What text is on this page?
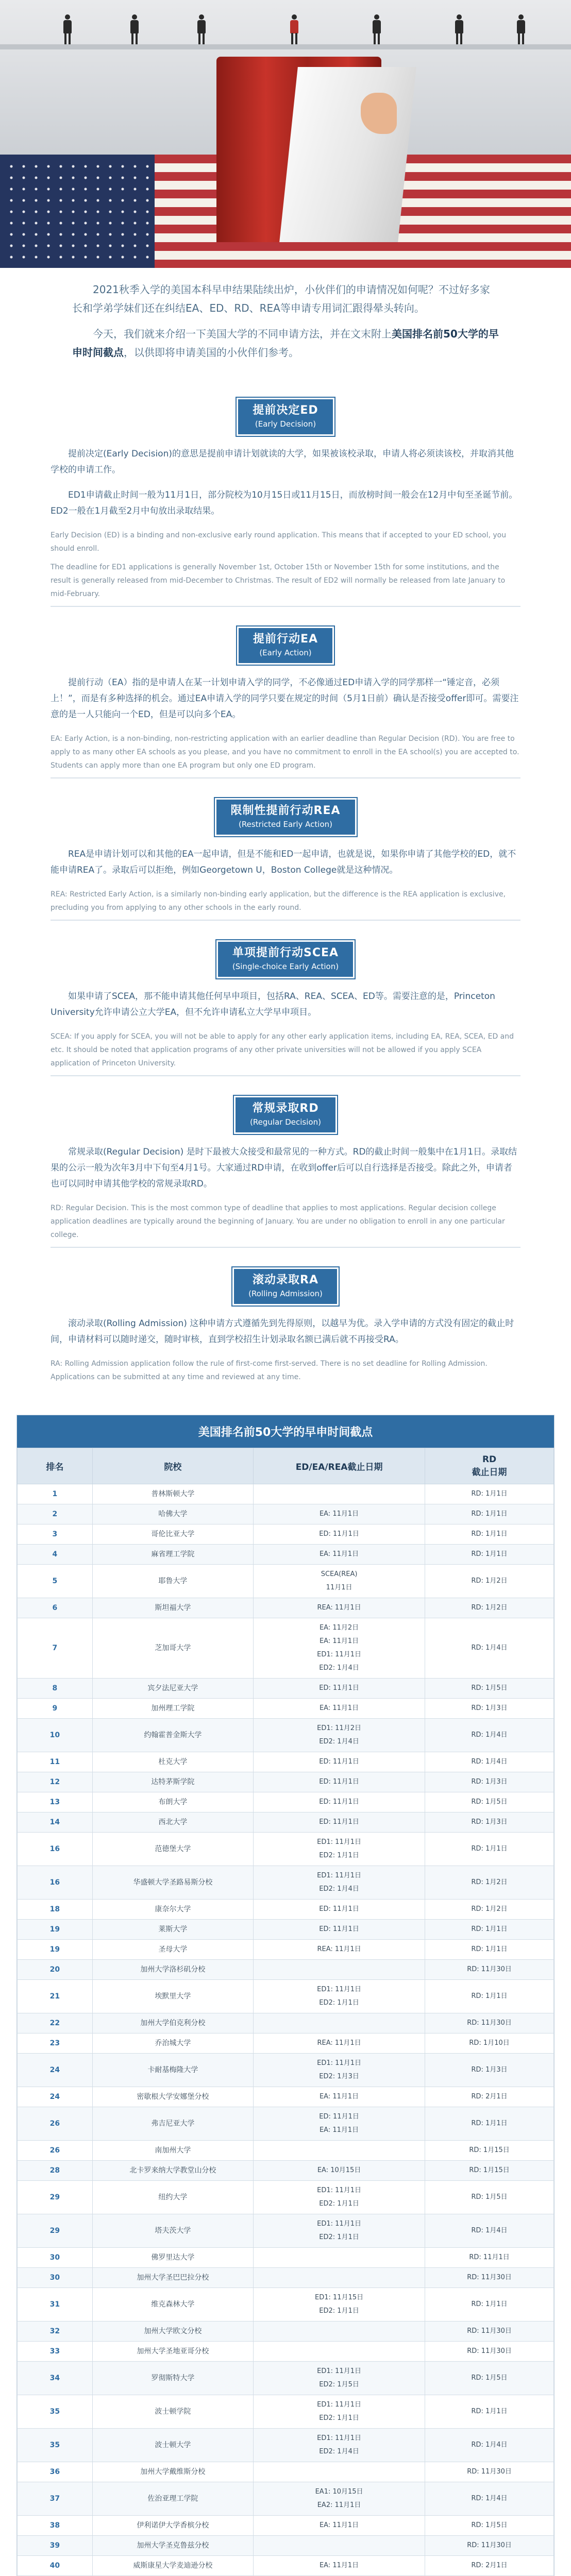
2021秋季入学的美国本科早申结果陆续出炉，小伙伴们的申请情况如何呢？不过好多家长和学弟学妹们还在纠结EA、ED、RD、REA等申请专用词汇跟得晕头转向。

今天，我们就来介绍一下美国大学的不同申请方法，并在文末附上美国排名前50大学的早申时间截点，以供即将申请美国的小伙伴们参考。

提前决定ED
(Early Decision)

提前决定(Early Decision)的意思是提前申请计划就读的大学，如果被该校录取，申请人将必须读该校，并取消其他学校的申请工作。

ED1申请截止时间一般为11月1日，部分院校为10月15日或11月15日，而放榜时间一般会在12月中旬至圣诞节前。ED2一般在1月截至2月中旬放出录取结果。

Early Decision (ED) is a binding and non-exclusive early round application. This means that if accepted to your ED school, you should enroll.

The deadline for ED1 applications is generally November 1st, October 15th or November 15th for some institutions, and the result is generally released from mid-December to Christmas. The result of ED2 will normally be released from late January to mid-February.

提前行动EA
(Early Action)

提前行动（EA）指的是申请人在某一计划申请入学的同学，不必像通过ED申请入学的同学那样一“锤定音，必须上！”，而是有多种选择的机会。通过EA申请入学的同学只要在规定的时间（5月1日前）确认是否接受offer即可。需要注意的是一人只能向一个ED，但是可以向多个EA。

EA: Early Action, is a non-binding, non-restricting application with an earlier deadline than Regular Decision (RD). You are free to apply to as many other EA schools as you please, and you have no commitment to enroll in the EA school(s) you are accepted to. Students can apply more than one EA program but only one ED program.

限制性提前行动REA
(Restricted Early Action)

REA是申请计划可以和其他的EA一起申请，但是不能和ED一起申请，也就是说，如果你申请了其他学校的ED，就不能申请REA了。录取后可以拒绝，例如Georgetown U，Boston College就是这种情况。

REA: Restricted Early Action, is a similarly non-binding early application, but the difference is the REA application is exclusive, precluding you from applying to any other schools in the early round.

单项提前行动SCEA
(Single-choice Early Action)

如果申请了SCEA，那不能申请其他任何早申项目，包括RA、REA、SCEA、ED等。需要注意的是，Princeton University允许申请公立大学EA，但不允许申请私立大学早申项目。

SCEA: If you apply for SCEA, you will not be able to apply for any other early application items, including EA, REA, SCEA, ED and etc. It should be noted that application programs of any other private universities will not be allowed if you apply SCEA application of Princeton University.

常规录取RD
(Regular Decision)

常规录取(Regular Decision) 是时下最被大众接受和最常见的一种方式。RD的截止时间一般集中在1月1日。录取结果的公示一般为次年3月中下旬至4月1号。大家通过RD申请，在收到offer后可以自行选择是否接受。除此之外，申请者也可以同时申请其他学校的常规录取RD。

RD: Regular Decision. This is the most common type of deadline that applies to most applications. Regular decision college application deadlines are typically around the beginning of January. You are under no obligation to enroll in any one particular college.

滚动录取RA
(Rolling Admission)

滚动录取(Rolling Admission) 这种申请方式遵循先到先得原则，以越早为优。录入学申请的方式没有固定的截止时间，申请材料可以随时递交，随时审核，直到学校招生计划录取名额已满后就不再接受RA。

RA: Rolling Admission application follow the rule of first-come first-served. There is no set deadline for Rolling Admission. Applications can be submitted at any time and reviewed at any time.

美国排名前50大学的早申时间截点
排名	院校	ED/EA/REA截止日期	RD
截止日期
1	普林斯顿大学		RD: 1月1日
2	哈佛大学	EA: 11月1日	RD: 1月1日
3	哥伦比亚大学	ED: 11月1日	RD: 1月1日
4	麻省理工学院	EA: 11月1日	RD: 1月1日
5	耶鲁大学	SCEA(REA)
11月1日	RD: 1月2日
6	斯坦福大学	REA: 11月1日	RD: 1月2日
7	芝加哥大学	EA: 11月2日
EA: 11月1日
ED1: 11月1日
ED2: 1月4日	RD: 1月4日
8	宾夕法尼亚大学	ED: 11月1日	RD: 1月5日
9	加州理工学院	EA: 11月1日	RD: 1月3日
10	约翰霍普金斯大学	ED1: 11月2日
ED2: 1月4日	RD: 1月4日
11	杜克大学	ED: 11月1日	RD: 1月4日
12	达特茅斯学院	ED: 11月1日	RD: 1月3日
13	布朗大学	ED: 11月1日	RD: 1月5日
14	西北大学	ED: 11月1日	RD: 1月3日
16	范德堡大学	ED1: 11月1日
ED2: 1月1日	RD: 1月1日
16	华盛顿大学圣路易斯分校	ED1: 11月1日
ED2: 1月4日	RD: 1月2日
18	康奈尔大学	ED: 11月1日	RD: 1月2日
19	莱斯大学	ED: 11月1日	RD: 1月1日
19	圣母大学	REA: 11月1日	RD: 1月1日
20	加州大学洛杉矶分校		RD: 11月30日
21	埃默里大学	ED1: 11月1日
ED2: 1月1日	RD: 1月1日
22	加州大学伯克利分校		RD: 11月30日
23	乔治城大学	REA: 11月1日	RD: 1月10日
24	卡耐基梅隆大学	ED1: 11月1日
ED2: 1月3日	RD: 1月3日
24	密歇根大学安娜堡分校	EA: 11月1日	RD: 2月1日
26	弗吉尼亚大学	ED: 11月1日
EA: 11月1日	RD: 1月1日
26	南加州大学		RD: 1月15日
28	北卡罗来纳大学教堂山分校	EA: 10月15日	RD: 1月15日
29	纽约大学	ED1: 11月1日
ED2: 1月1日	RD: 1月5日
29	塔夫茨大学	ED1: 11月1日
ED2: 1月1日	RD: 1月4日
30	佛罗里达大学		RD: 11月1日
30	加州大学圣巴巴拉分校		RD: 11月30日
31	维克森林大学	ED1: 11月15日
ED2: 1月1日	RD: 1月1日
32	加州大学欧文分校		RD: 11月30日
33	加州大学圣地亚哥分校		RD: 11月30日
34	罗彻斯特大学	ED1: 11月1日
ED2: 1月5日	RD: 1月5日
35	波士顿学院	ED1: 11月1日
ED2: 1月1日	RD: 1月1日
35	波士顿大学	ED1: 11月1日
ED2: 1月4日	RD: 1月4日
36	加州大学戴维斯分校		RD: 11月30日
37	佐治亚理工学院	EA1: 10月15日
EA2: 11月1日	RD: 1月4日
38	伊利诺伊大学香槟分校	EA: 11月1日	RD: 1月5日
39	加州大学圣克鲁兹分校		RD: 11月30日
40	威斯康星大学麦迪逊分校	EA: 11月1日	RD: 2月1日
